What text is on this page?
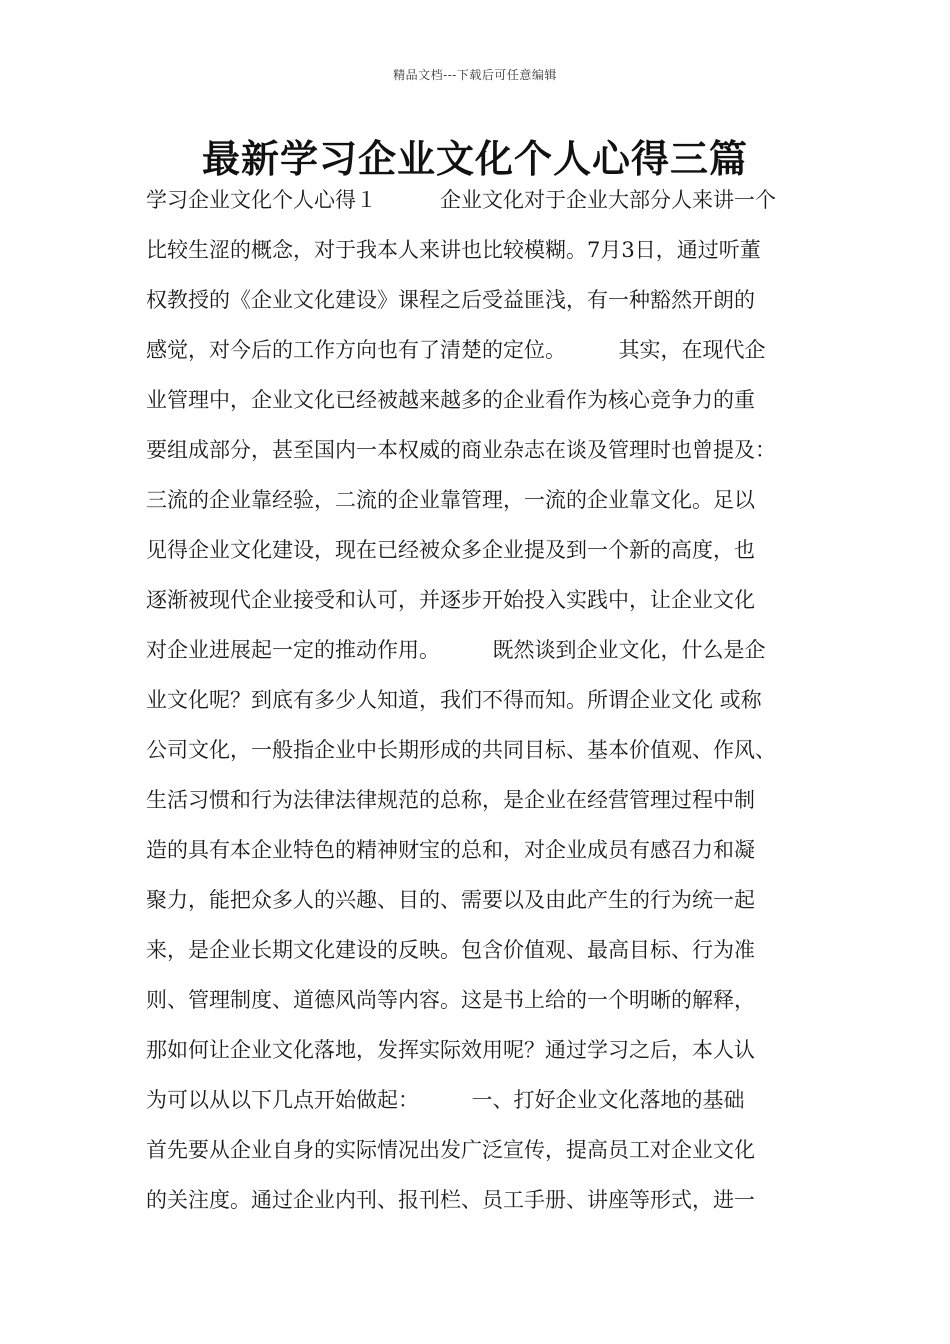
精品文档---下载后可任意编辑
最新学习企业文化个人心得三篇
学习企业文化个人心得１　　　企业文化对于企业大部分人来讲一个
比较生涩的概念，对于我本人来讲也比较模糊。7月3日，通过听董
权教授的《企业文化建设》课程之后受益匪浅，有一种豁然开朗的
感觉，对今后的工作方向也有了清楚的定位。　　　其实，在现代企
业管理中，企业文化已经被越来越多的企业看作为核心竞争力的重
要组成部分，甚至国内一本权威的商业杂志在谈及管理时也曾提及：
三流的企业靠经验，二流的企业靠管理，一流的企业靠文化。足以
见得企业文化建设，现在已经被众多企业提及到一个新的高度，也
逐渐被现代企业接受和认可，并逐步开始投入实践中，让企业文化
对企业进展起一定的推动作用。　　　既然谈到企业文化，什么是企
业文化呢？到底有多少人知道，我们不得而知。所谓企业文化 或称
公司文化，一般指企业中长期形成的共同目标、基本价值观、作风、
生活习惯和行为法律法律规范的总称，是企业在经营管理过程中制
造的具有本企业特色的精神财宝的总和，对企业成员有感召力和凝
聚力，能把众多人的兴趣、目的、需要以及由此产生的行为统一起
来，是企业长期文化建设的反映。包含价值观、最高目标、行为准
则、管理制度、道德风尚等内容。这是书上给的一个明晰的解释，
那如何让企业文化落地，发挥实际效用呢？通过学习之后，本人认
为可以从以下几点开始做起：　　　一、打好企业文化落地的基础
首先要从企业自身的实际情况出发广泛宣传，提高员工对企业文化
的关注度。通过企业内刊、报刊栏、员工手册、讲座等形式，进一
